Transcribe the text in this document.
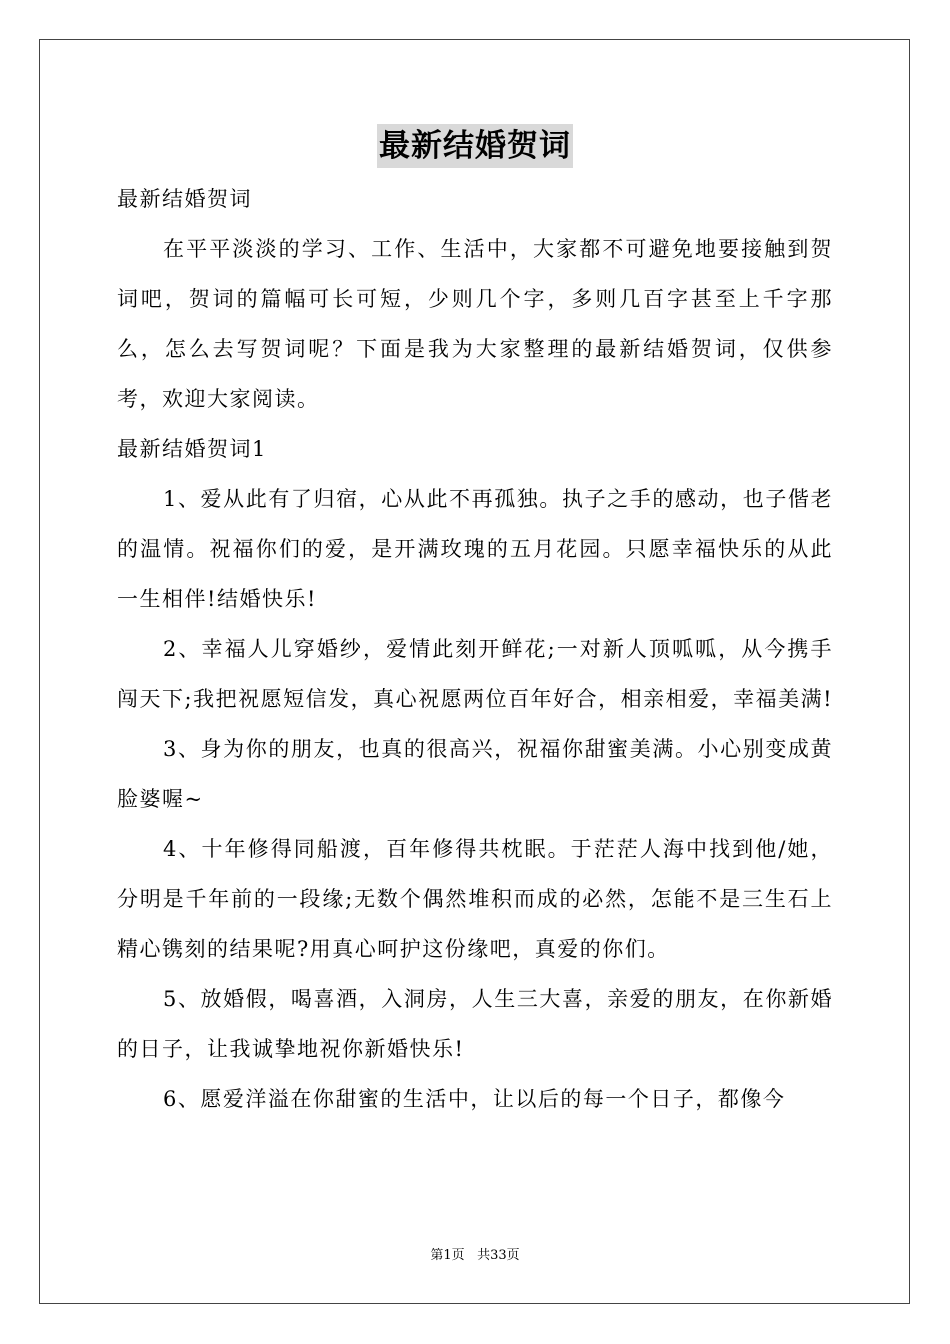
最新结婚贺词

最新结婚贺词

在平平淡淡的学习、工作、生活中，大家都不可避免地要接触到贺词吧，贺词的篇幅可长可短，少则几个字，多则几百字甚至上千字那么，怎么去写贺词呢？下面是我为大家整理的最新结婚贺词，仅供参考，欢迎大家阅读。

最新结婚贺词1

1、爱从此有了归宿，心从此不再孤独。执子之手的感动，也子偕老的温情。祝福你们的爱，是开满玫瑰的五月花园。只愿幸福快乐的从此一生相伴!结婚快乐!

2、幸福人儿穿婚纱，爱情此刻开鲜花;一对新人顶呱呱，从今携手闯天下;我把祝愿短信发，真心祝愿两位百年好合，相亲相爱，幸福美满!

3、身为你的朋友，也真的很高兴，祝福你甜蜜美满。小心别变成黄脸婆喔~

4、十年修得同船渡，百年修得共枕眠。于茫茫人海中找到他/她，分明是千年前的一段缘;无数个偶然堆积而成的必然，怎能不是三生石上精心镌刻的结果呢?用真心呵护这份缘吧，真爱的你们。

5、放婚假，喝喜酒，入洞房，人生三大喜，亲爱的朋友，在你新婚的日子，让我诚挚地祝你新婚快乐!

6、愿爱洋溢在你甜蜜的生活中，让以后的每一个日子，都像今

第1页 共33页
